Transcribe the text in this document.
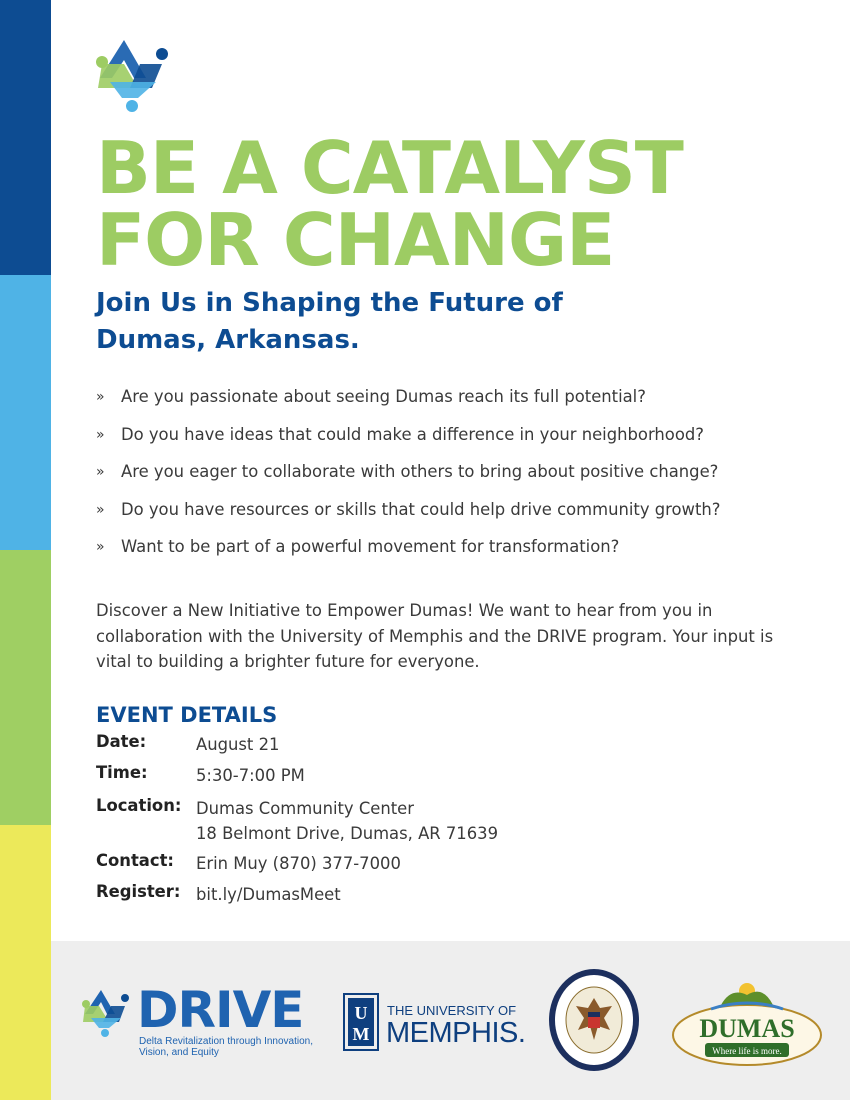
BE A CATALYST
FOR CHANGE
Join Us in Shaping the Future of Dumas, Arkansas.
» Are you passionate about seeing Dumas reach its full potential?
» Do you have ideas that could make a difference in your neighborhood?
» Are you eager to collaborate with others to bring about positive change?
» Do you have resources or skills that could help drive community growth?
» Want to be part of a powerful movement for transformation?

Discover a New Initiative to Empower Dumas! We want to hear from you in collaboration with the University of Memphis and the DRIVE program. Your input is vital to building a brighter future for everyone.

EVENT DETAILS
Date:	August 21
Time:	5:30-7:00 PM
Location: Dumas Community Center
18 Belmont Drive, Dumas, AR 71639
Contact:	Erin Muy (870) 377-7000
Register: bit.ly/DumasMeet
DRIVE
Delta Revitalization through Innovation, Vision, and Equity
U
M
THE UNIVERSITY OF
MEMPHIS.	DUMAS
Where life is more.
